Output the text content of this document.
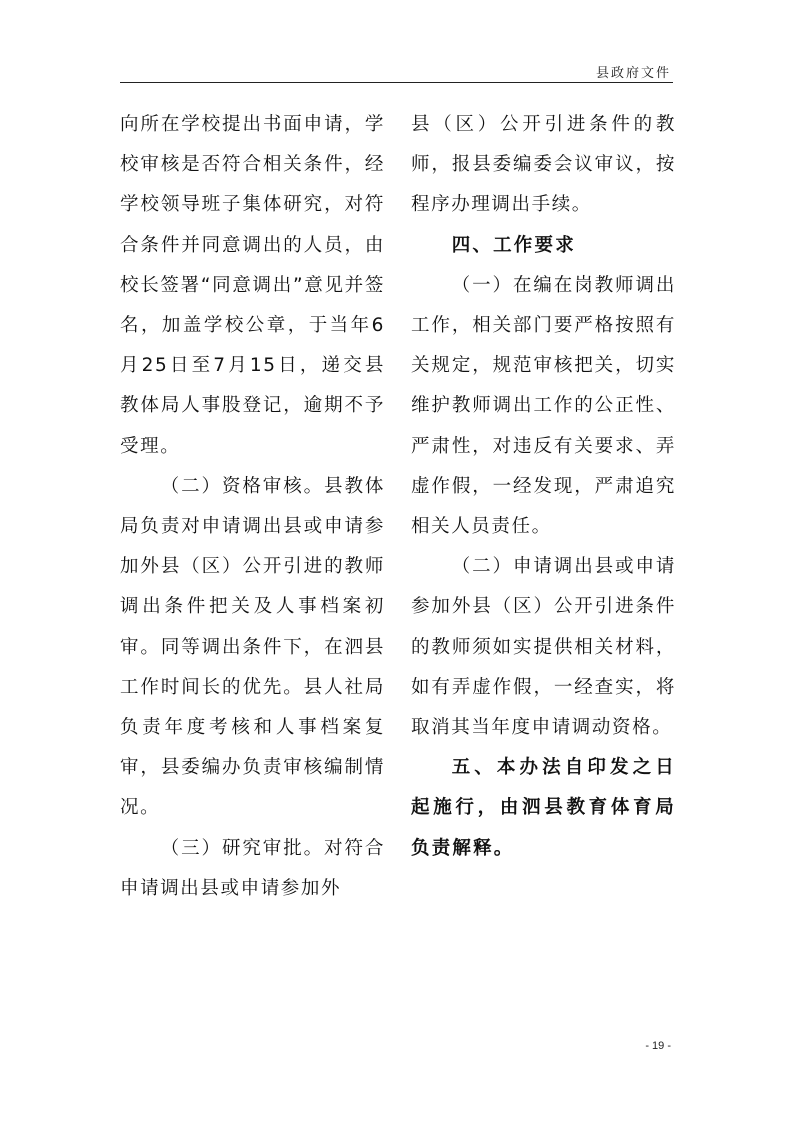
县政府文件

向所在学校提出书面申请，学校审核是否符合相关条件，经学校领导班子集体研究，对符合条件并同意调出的人员，由校长签署“同意调出”意见并签名，加盖学校公章，于当年6月25日至7月15日，递交县教体局人事股登记，逾期不予受理。

（二）资格审核。县教体局负责对申请调出县或申请参加外县（区）公开引进的教师调出条件把关及人事档案初审。同等调出条件下，在泗县工作时间长的优先。县人社局负责年度考核和人事档案复审，县委编办负责审核编制情况。

（三）研究审批。对符合申请调出县或申请参加外

县（区）公开引进条件的教师，报县委编委会议审议，按程序办理调出手续。

四、工作要求

（一）在编在岗教师调出工作，相关部门要严格按照有关规定，规范审核把关，切实维护教师调出工作的公正性、严肃性，对违反有关要求、弄虚作假，一经发现，严肃追究相关人员责任。

（二）申请调出县或申请参加外县（区）公开引进条件的教师须如实提供相关材料，如有弄虚作假，一经查实，将取消其当年度申请调动资格。

五、本办法自印发之日起施行，由泗县教育体育局负责解释。

- 19 -
